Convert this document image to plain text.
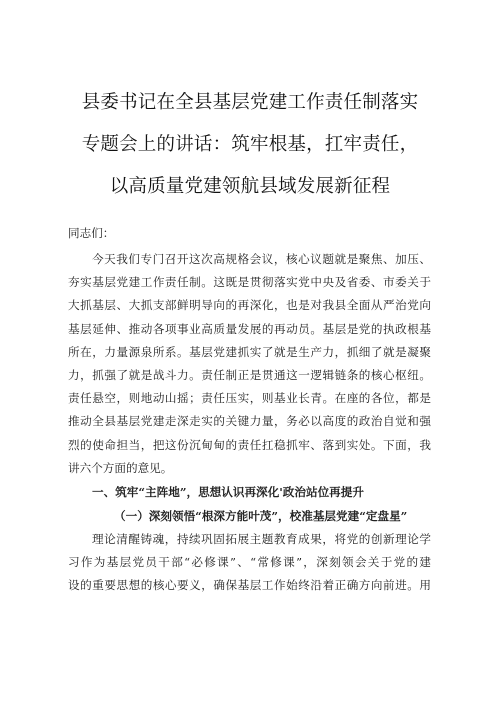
县委书记在全县基层党建工作责任制落实
专题会上的讲话：筑牢根基，扛牢责任，
以高质量党建领航县域发展新征程
同志们：
今天我们专门召开这次高规格会议，核心议题就是聚焦、加压、
夯实基层党建工作责任制。这既是贯彻落实党中央及省委、市委关于
大抓基层、大抓支部鲜明导向的再深化，也是对我县全面从严治党向
基层延伸、推动各项事业高质量发展的再动员。基层是党的执政根基
所在，力量源泉所系。基层党建抓实了就是生产力，抓细了就是凝聚
力，抓强了就是战斗力。责任制正是贯通这一逻辑链条的核心枢纽。
责任悬空，则地动山摇；责任压实，则基业长青。在座的各位，都是
推动全县基层党建走深走实的关键力量，务必以高度的政治自觉和强
烈的使命担当，把这份沉甸甸的责任扛稳抓牢、落到实处。下面，我
讲六个方面的意见。
一、筑牢“主阵地”，思想认识再深化'政治站位再提升
（一）深刻领悟“根深方能叶茂”，校准基层党建“定盘星”
理论清醒铸魂，持续巩固拓展主题教育成果，将党的创新理论学
习作为基层党员干部“必修课”、“常修课”，深刻领会关于党的建
设的重要思想的核心要义，确保基层工作始终沿着正确方向前进。用
